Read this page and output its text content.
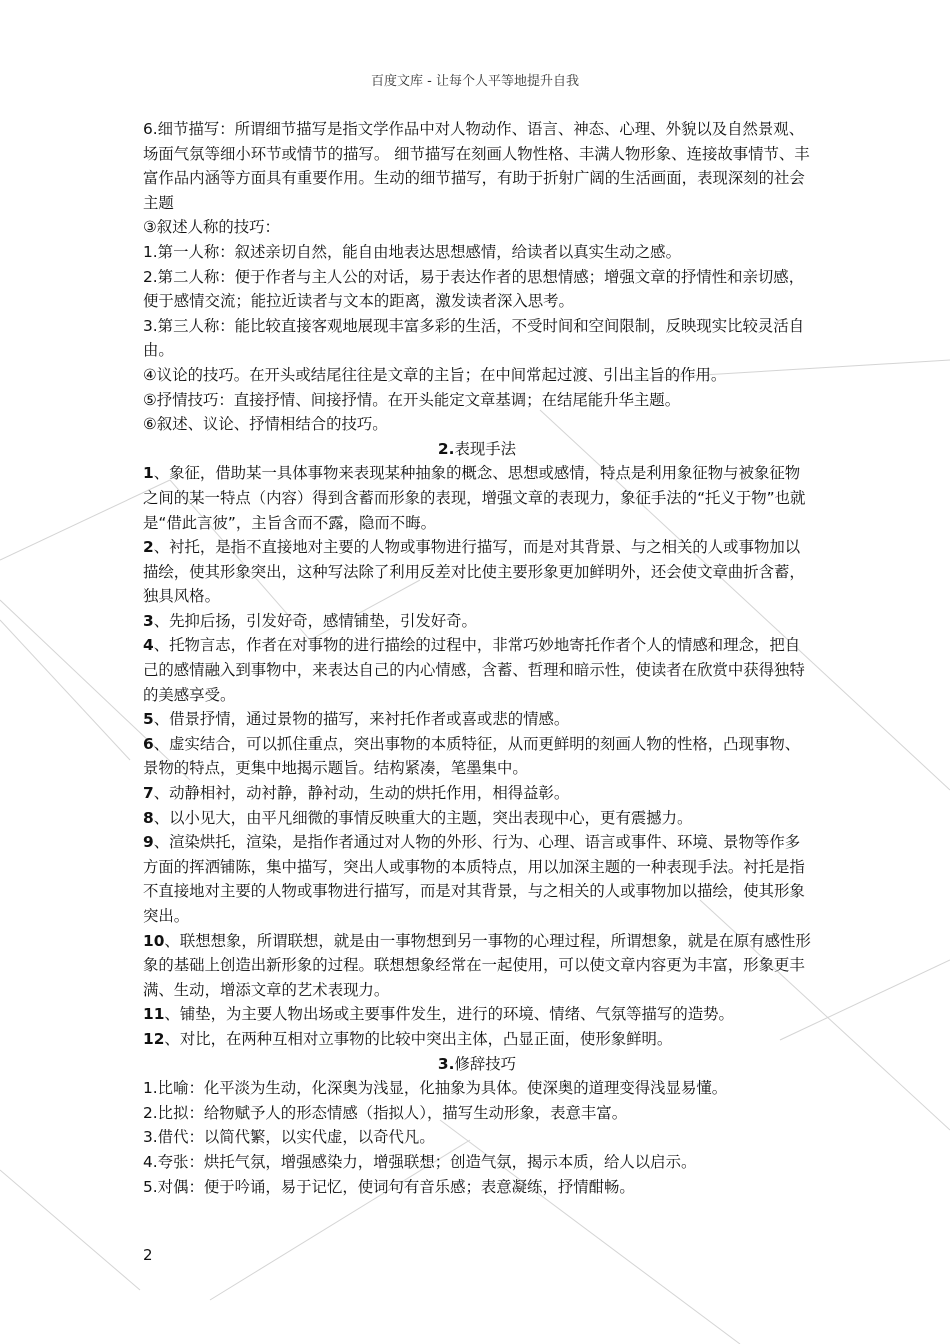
百度文库 - 让每个人平等地提升自我

6.细节描写：所谓细节描写是指文学作品中对人物动作、语言、神态、心理、外貌以及自然景观、场面气氛等细小环节或情节的描写。 细节描写在刻画人物性格、丰满人物形象、连接故事情节、丰富作品内涵等方面具有重要作用。生动的细节描写，有助于折射广阔的生活画面，表现深刻的社会主题

③叙述人称的技巧：

1.第一人称：叙述亲切自然，能自由地表达思想感情，给读者以真实生动之感。

2.第二人称：便于作者与主人公的对话，易于表达作者的思想情感；增强文章的抒情性和亲切感，便于感情交流；能拉近读者与文本的距离，激发读者深入思考。

3.第三人称：能比较直接客观地展现丰富多彩的生活，不受时间和空间限制，反映现实比较灵活自由。

④议论的技巧。在开头或结尾往往是文章的主旨；在中间常起过渡、引出主旨的作用。

⑤抒情技巧：直接抒情、间接抒情。在开头能定文章基调；在结尾能升华主题。

⑥叙述、议论、抒情相结合的技巧。

2.表现手法

1、象征，借助某一具体事物来表现某种抽象的概念、思想或感情，特点是利用象征物与被象征物之间的某一特点（内容）得到含蓄而形象的表现，增强文章的表现力，象征手法的“托义于物”也就是“借此言彼”，主旨含而不露，隐而不晦。

2、衬托，是指不直接地对主要的人物或事物进行描写，而是对其背景、与之相关的人或事物加以描绘，使其形象突出，这种写法除了利用反差对比使主要形象更加鲜明外，还会使文章曲折含蓄，独具风格。

3、先抑后扬，引发好奇，感情铺垫，引发好奇。

4、托物言志，作者在对事物的进行描绘的过程中，非常巧妙地寄托作者个人的情感和理念，把自己的感情融入到事物中，来表达自己的内心情感，含蓄、哲理和暗示性，使读者在欣赏中获得独特的美感享受。

5、借景抒情，通过景物的描写，来衬托作者或喜或悲的情感。

6、虚实结合，可以抓住重点，突出事物的本质特征，从而更鲜明的刻画人物的性格，凸现事物、景物的特点，更集中地揭示题旨。结构紧凑，笔墨集中。

7、动静相衬，动衬静，静衬动，生动的烘托作用，相得益彰。

8、以小见大，由平凡细微的事情反映重大的主题，突出表现中心，更有震撼力。

9、渲染烘托，渲染，是指作者通过对人物的外形、行为、心理、语言或事件、环境、景物等作多方面的挥洒铺陈，集中描写，突出人或事物的本质特点，用以加深主题的一种表现手法。衬托是指不直接地对主要的人物或事物进行描写，而是对其背景，与之相关的人或事物加以描绘，使其形象突出。

10、联想想象，所谓联想，就是由一事物想到另一事物的心理过程，所谓想象，就是在原有感性形象的基础上创造出新形象的过程。联想想象经常在一起使用，可以使文章内容更为丰富，形象更丰满、生动，增添文章的艺术表现力。

11、铺垫，为主要人物出场或主要事件发生，进行的环境、情绪、气氛等描写的造势。

12、对比，在两种互相对立事物的比较中突出主体，凸显正面，使形象鲜明。

3.修辞技巧

1.比喻：化平淡为生动，化深奥为浅显，化抽象为具体。使深奥的道理变得浅显易懂。

2.比拟：给物赋予人的形态情感（指拟人），描写生动形象，表意丰富。

3.借代：以简代繁，以实代虚，以奇代凡。

4.夸张：烘托气氛，增强感染力，增强联想；创造气氛，揭示本质，给人以启示。

5.对偶：便于吟诵，易于记忆，使词句有音乐感；表意凝练，抒情酣畅。

2
